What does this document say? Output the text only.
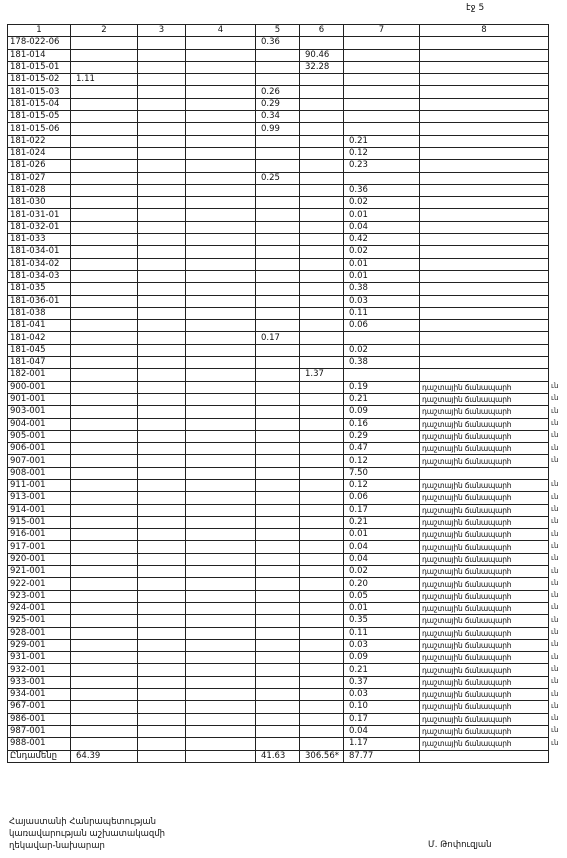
էջ 5
1	2	3	4	5	6	7	8
178-022-06				0.36			
181-014					90.46		
181-015-01					32.28		
181-015-02	1.11						
181-015-03				0.26			
181-015-04				0.29			
181-015-05				0.34			
181-015-06				0.99			
181-022						0.21	
181-024						0.12	
181-026						0.23	
181-027				0.25			
181-028						0.36	
181-030						0.02	
181-031-01						0.01	
181-032-01						0.04	
181-033						0.42	
181-034-01						0.02	
181-034-02						0.01	
181-034-03						0.01	
181-035						0.38	
181-036-01						0.03	
181-038						0.11	
181-041						0.06	
181-042				0.17			
181-045						0.02	
181-047						0.38	
182-001					1.37		
900-001						0.19	դաշտային ճանապարհ
901-001						0.21	դաշտային ճանապարհ
903-001						0.09	դաշտային ճանապարհ
904-001						0.16	դաշտային ճանապարհ
905-001						0.29	դաշտային ճանապարհ
906-001						0.47	դաշտային ճանապարհ
907-001						0.12	դաշտային ճանապարհ
908-001						7.50	
911-001						0.12	դաշտային ճանապարհ
913-001						0.06	դաշտային ճանապարհ
914-001						0.17	դաշտային ճանապարհ
915-001						0.21	դաշտային ճանապարհ
916-001						0.01	դաշտային ճանապարհ
917-001						0.04	դաշտային ճանապարհ
920-001						0.04	դաշտային ճանապարհ
921-001						0.02	դաշտային ճանապարհ
922-001						0.20	դաշտային ճանապարհ
923-001						0.05	դաշտային ճանապարհ
924-001						0.01	դաշտային ճանապարհ
925-001						0.35	դաշտային ճանապարհ
928-001						0.11	դաշտային ճանապարհ
929-001						0.03	դաշտային ճանապարհ
931-001						0.09	դաշտային ճանապարհ
932-001						0.21	դաշտային ճանապարհ
933-001						0.37	դաշտային ճանապարհ
934-001						0.03	դաշտային ճանապարհ
967-001						0.10	դաշտային ճանապարհ
986-001						0.17	դաշտային ճանապարհ
987-001						0.04	դաշտային ճանապարհ
988-001						1.17	դաշտային ճանապարհ
Ընդամենը	64.39			41.63	306.56*	87.77	
ւն
ւն
ւն
ւն
ւն
ւն
ւն
ւն
ւն
ւն
ւն
ւն
ւն
ւն
ւն
ւն
ւն
ւն
ւն
ւն
ւն
ւն
ւն
ւն
ւն
ւն
ւն
ւն
ւն
Հայաստանի Հանրապետության
կառավարության աշխատակազմի
ղեկավար-նախարար	Մ. Թոփուզյան
